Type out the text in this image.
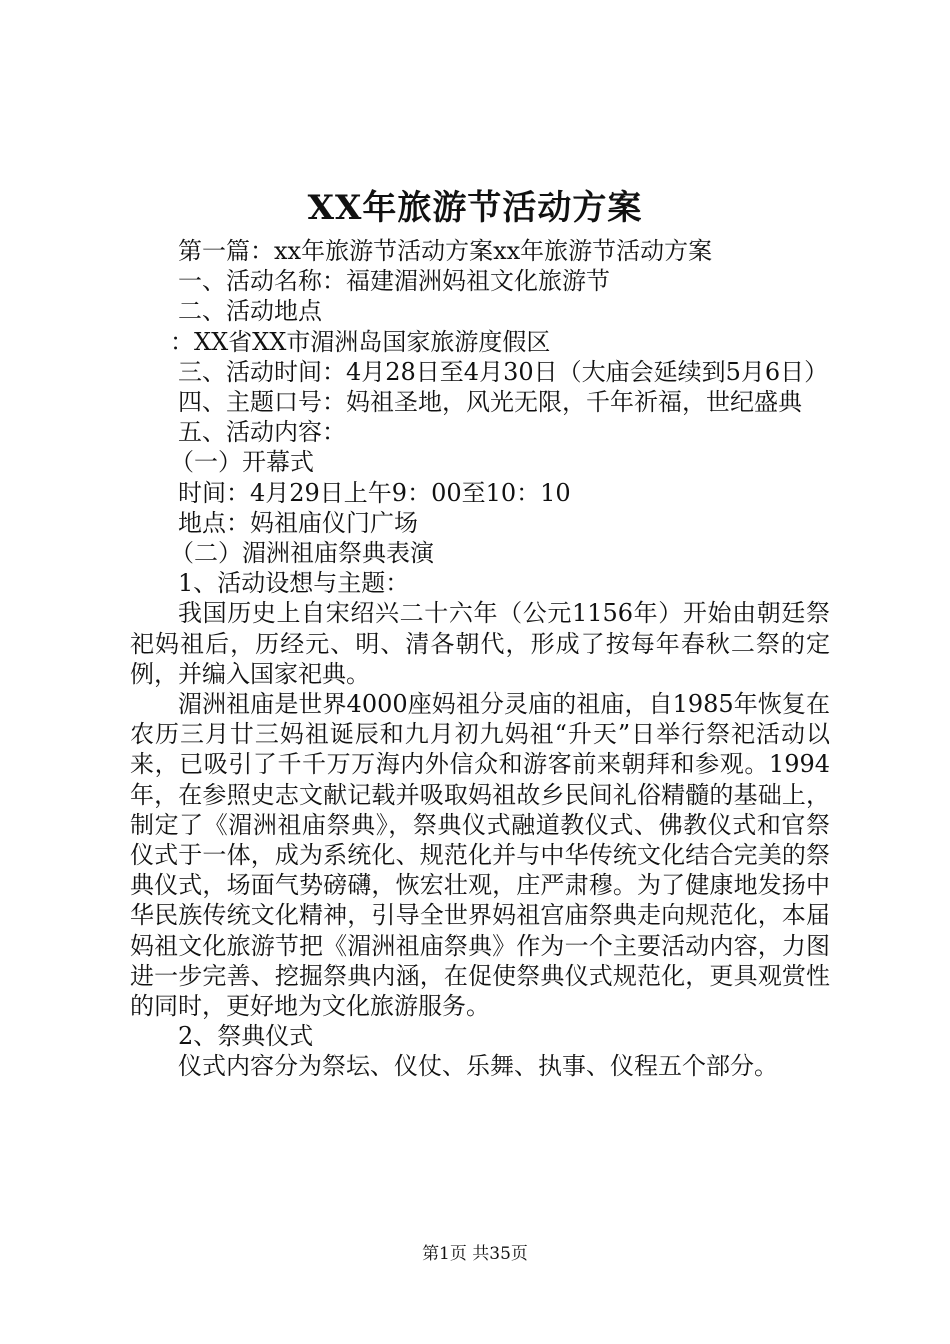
XX年旅游节活动方案

第一篇：xx年旅游节活动方案xx年旅游节活动方案

一、活动名称：福建湄洲妈祖文化旅游节

二、活动地点

：XX省XX市湄洲岛国家旅游度假区

三、活动时间：4月28日至4月30日（大庙会延续到5月6日）

四、主题口号：妈祖圣地，风光无限，千年祈福，世纪盛典

五、活动内容：

（一）开幕式

时间：4月29日上午9：00至10：10

地点：妈祖庙仪门广场

（二）湄洲祖庙祭典表演

1、活动设想与主题：

我国历史上自宋绍兴二十六年（公元1156年）开始由朝廷祭祀妈祖后，历经元、明、清各朝代，形成了按每年春秋二祭的定例，并编入国家祀典。

湄洲祖庙是世界4000座妈祖分灵庙的祖庙，自1985年恢复在农历三月廿三妈祖诞辰和九月初九妈祖“升天”日举行祭祀活动以来，已吸引了千千万万海内外信众和游客前来朝拜和参观。1994年，在参照史志文献记载并吸取妈祖故乡民间礼俗精髓的基础上，制定了《湄洲祖庙祭典》，祭典仪式融道教仪式、佛教仪式和官祭仪式于一体，成为系统化、规范化并与中华传统文化结合完美的祭典仪式，场面气势磅礴，恢宏壮观，庄严肃穆。为了健康地发扬中华民族传统文化精神，引导全世界妈祖宫庙祭典走向规范化，本届妈祖文化旅游节把《湄洲祖庙祭典》作为一个主要活动内容，力图进一步完善、挖掘祭典内涵，在促使祭典仪式规范化，更具观赏性的同时，更好地为文化旅游服务。

2、祭典仪式

仪式内容分为祭坛、仪仗、乐舞、执事、仪程五个部分。

第1页 共35页
